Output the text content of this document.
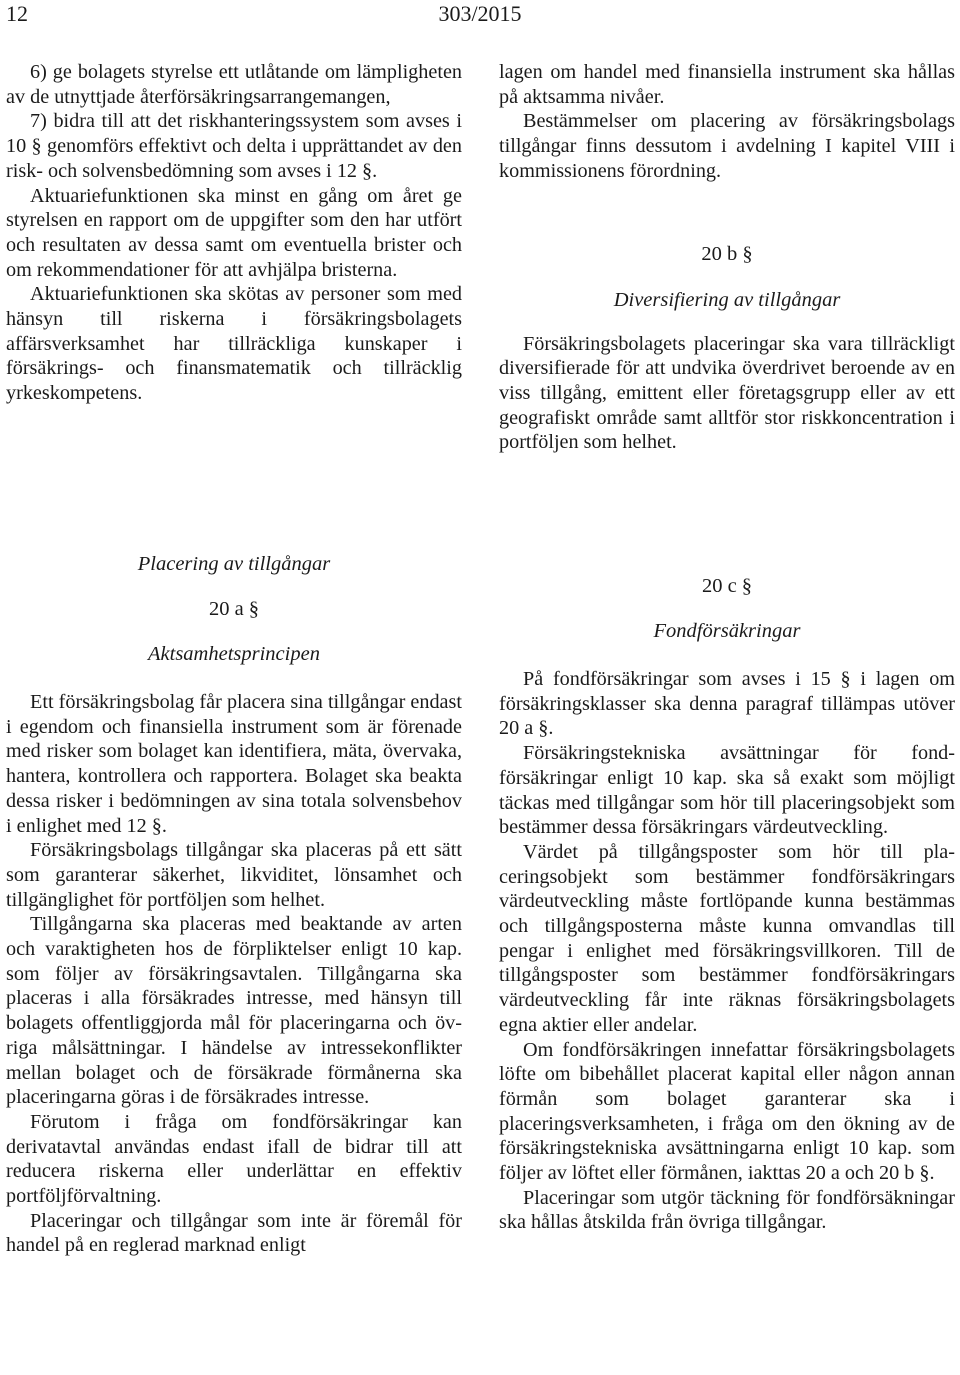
12	303/2015

6) ge bolagets styrelse ett utlåtande om lämpligheten av de utnyttjade återförsäkringsarrangemangen,

7) bidra till att det riskhanteringssystem som avses i 10 § genomförs effektivt och delta i upprättandet av den risk- och solvensbedömning som avses i 12 §.

Aktuariefunktionen ska minst en gång om året ge styrelsen en rapport om de uppgifter som den har utfört och resultaten av dessa samt om eventuella brister och om rekommendationer för att avhjälpa bristerna.

Aktuariefunktionen ska skötas av personer som med hänsyn till riskerna i försäkringsbolagets affärsverksamhet har tillräckliga kunskaper i försäkrings- och finansmatematik och tillräcklig yrkeskompetens.

lagen om handel med finansiella instrument ska hållas på aktsamma nivåer.

Bestämmelser om placering av försäkringsbolags tillgångar finns dessutom i avdelning I kapitel VIII i kommissionens förordning.

20 b §
Diversifiering av tillgångar

Försäkringsbolagets placeringar ska vara tillräckligt diversifierade för att undvika överdrivet beroende av en viss tillgång, emittent eller företagsgrupp eller av ett geografiskt område samt alltför stor riskkoncentration i portföljen som helhet.

Placering av tillgångar
20 a §
Aktsamhetsprincipen

Ett försäkringsbolag får placera sina tillgångar endast i egendom och finansiella instrument som är förenade med risker som bolaget kan identifiera, mäta, övervaka, hantera, kontrollera och rapportera. Bolaget ska beakta dessa risker i bedömningen av sina totala solvensbehov i enlighet med 12 §.

Försäkringsbolags tillgångar ska placeras på ett sätt som garanterar säkerhet, likviditet, lönsamhet och tillgänglighet för portföljen som helhet.

Tillgångarna ska placeras med beaktande av arten och varaktigheten hos de förpliktelser enligt 10 kap. som följer av försäkringsavtalen. Tillgångarna ska placeras i alla försäkrades intresse, med hänsyn till bolagets offentliggjorda mål för placeringarna och övriga målsättningar. I händelse av intressekonflikter mellan bolaget och de försäkrade förmånerna ska placeringarna göras i de försäkrades intresse.

Förutom i fråga om fondförsäkringar kan derivatavtal användas endast ifall de bidrar till att reducera riskerna eller underlättar en effektiv portföljförvaltning.

Placeringar och tillgångar som inte är föremål för handel på en reglerad marknad enligt

20 c §
Fondförsäkringar

På fondförsäkringar som avses i 15 § i lagen om försäkringsklasser ska denna paragraf tillämpas utöver 20 a §.

Försäkringstekniska avsättningar för fondförsäkringar enligt 10 kap. ska så exakt som möjligt täckas med tillgångar som hör till placeringsobjekt som bestämmer dessa försäkringars värdeutveckling.

Värdet på tillgångsposter som hör till placeringsobjekt som bestämmer fondförsäkringars värdeutveckling måste fortlöpande kunna bestämmas och tillgångsposterna måste kunna omvandlas till pengar i enlighet med försäkringsvillkoren. Till de tillgångsposter som bestämmer fondförsäkringars värdeutveckling får inte räknas försäkringsbolagets egna aktier eller andelar.

Om fondförsäkringen innefattar försäkringsbolagets löfte om bibehållet placerat kapital eller någon annan förmån som bolaget garanterar ska i placeringsverksamheten, i fråga om den ökning av de försäkringstekniska avsättningarna enligt 10 kap. som följer av löftet eller förmånen, iakttas 20 a och 20 b §.

Placeringar som utgör täckning för fondförsäkningar ska hållas åtskilda från övriga tillgångar.
